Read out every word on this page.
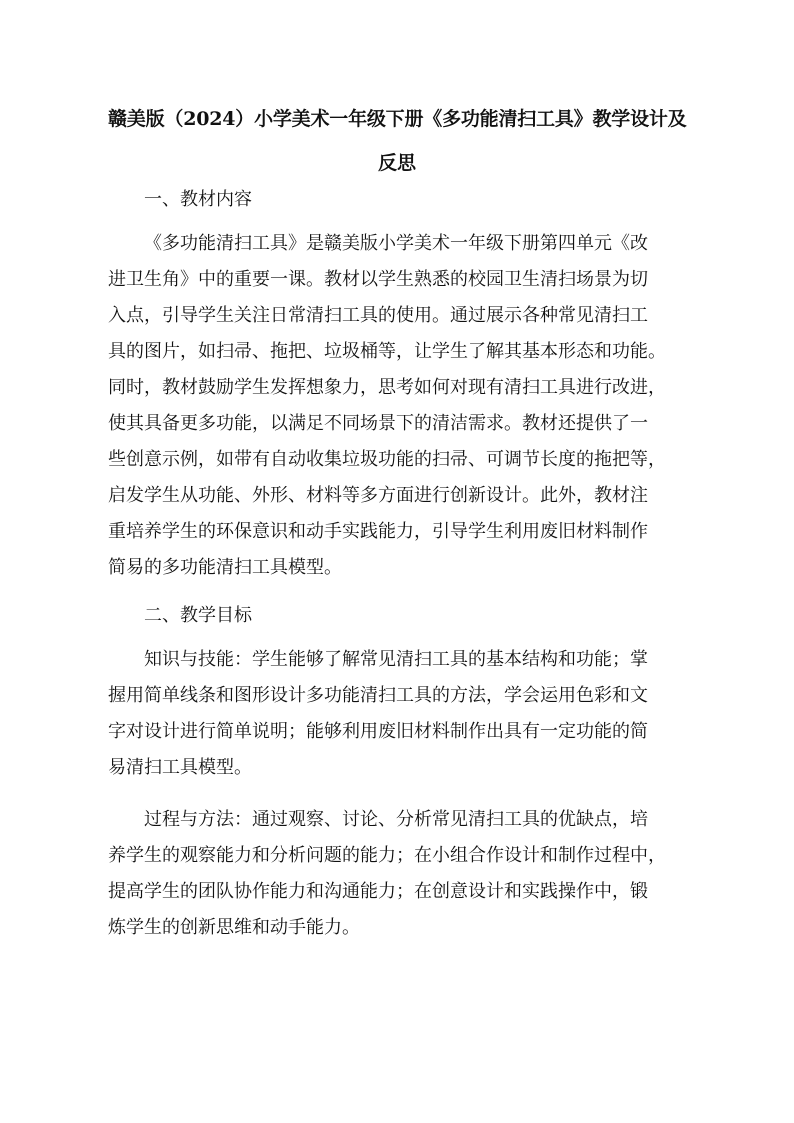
赣美版（2024）小学美术一年级下册《多功能清扫工具》教学设计及
反思
一、教材内容
《多功能清扫工具》是赣美版小学美术一年级下册第四单元《改
进卫生角》中的重要一课。教材以学生熟悉的校园卫生清扫场景为切
入点，引导学生关注日常清扫工具的使用。通过展示各种常见清扫工
具的图片，如扫帚、拖把、垃圾桶等，让学生了解其基本形态和功能。
同时，教材鼓励学生发挥想象力，思考如何对现有清扫工具进行改进，
使其具备更多功能，以满足不同场景下的清洁需求。教材还提供了一
些创意示例，如带有自动收集垃圾功能的扫帚、可调节长度的拖把等，
启发学生从功能、外形、材料等多方面进行创新设计。此外，教材注
重培养学生的环保意识和动手实践能力，引导学生利用废旧材料制作
简易的多功能清扫工具模型。
二、教学目标
知识与技能：学生能够了解常见清扫工具的基本结构和功能；掌
握用简单线条和图形设计多功能清扫工具的方法，学会运用色彩和文
字对设计进行简单说明；能够利用废旧材料制作出具有一定功能的简
易清扫工具模型。
过程与方法：通过观察、讨论、分析常见清扫工具的优缺点，培
养学生的观察能力和分析问题的能力；在小组合作设计和制作过程中，
提高学生的团队协作能力和沟通能力；在创意设计和实践操作中，锻
炼学生的创新思维和动手能力。
